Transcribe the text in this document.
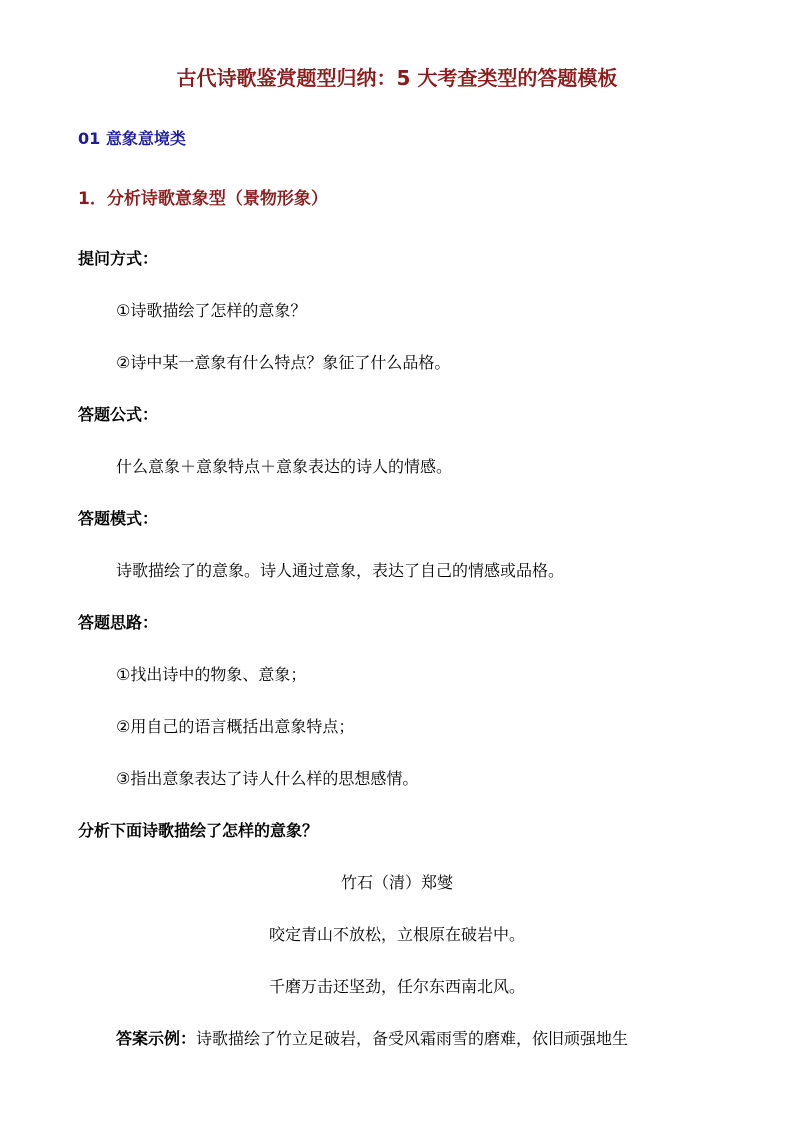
古代诗歌鉴赏题型归纳：5 大考查类型的答题模板
01 意象意境类
1．分析诗歌意象型（景物形象）
提问方式：
①诗歌描绘了怎样的意象？
②诗中某一意象有什么特点？象征了什么品格。
答题公式：
什么意象＋意象特点＋意象表达的诗人的情感。
答题模式：
诗歌描绘了的意象。诗人通过意象，表达了自己的情感或品格。
答题思路：
①找出诗中的物象、意象；
②用自己的语言概括出意象特点；
③指出意象表达了诗人什么样的思想感情。
分析下面诗歌描绘了怎样的意象？
竹石（清）郑燮
咬定青山不放松，立根原在破岩中。
千磨万击还坚劲，任尔东西南北风。
答案示例：诗歌描绘了竹立足破岩，备受风霜雨雪的磨难，依旧顽强地生
